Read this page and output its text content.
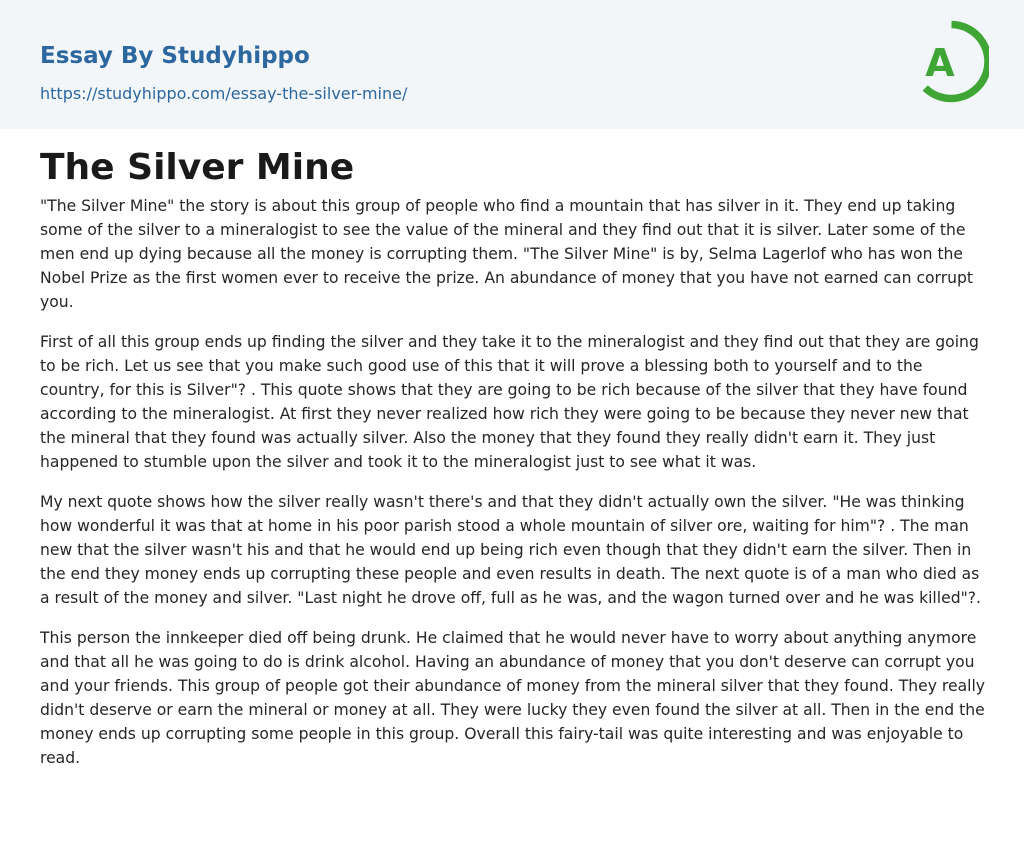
Essay By Studyhippo
https://studyhippo.com/essay-the-silver-mine/
A
The Silver Mine

"The Silver Mine" the story is about this group of people who find a mountain that has silver in it. They end up taking some of the silver to a mineralogist to see the value of the mineral and they find out that it is silver. Later some of the men end up dying because all the money is corrupting them. "The Silver Mine" is by, Selma Lagerlof who has won the Nobel Prize as the first women ever to receive the prize. An abundance of money that you have not earned can corrupt you.

First of all this group ends up finding the silver and they take it to the mineralogist and they find out that they are going to be rich. Let us see that you make such good use of this that it will prove a blessing both to yourself and to the country, for this is Silver"? . This quote shows that they are going to be rich because of the silver that they have found according to the mineralogist. At first they never realized how rich they were going to be because they never new that the mineral that they found was actually silver. Also the money that they found they really didn't earn it. They just happened to stumble upon the silver and took it to the mineralogist just to see what it was.

My next quote shows how the silver really wasn't there's and that they didn't actually own the silver. "He was thinking how wonderful it was that at home in his poor parish stood a whole mountain of silver ore, waiting for him"? . The man new that the silver wasn't his and that he would end up being rich even though that they didn't earn the silver. Then in the end they money ends up corrupting these people and even results in death. The next quote is of a man who died as a result of the money and silver. "Last night he drove off, full as he was, and the wagon turned over and he was killed"?.

This person the innkeeper died off being drunk. He claimed that he would never have to worry about anything anymore and that all he was going to do is drink alcohol. Having an abundance of money that you don't deserve can corrupt you and your friends. This group of people got their abundance of money from the mineral silver that they found. They really didn't deserve or earn the mineral or money at all. They were lucky they even found the silver at all. Then in the end the money ends up corrupting some people in this group. Overall this fairy-tail was quite interesting and was enjoyable to read.
